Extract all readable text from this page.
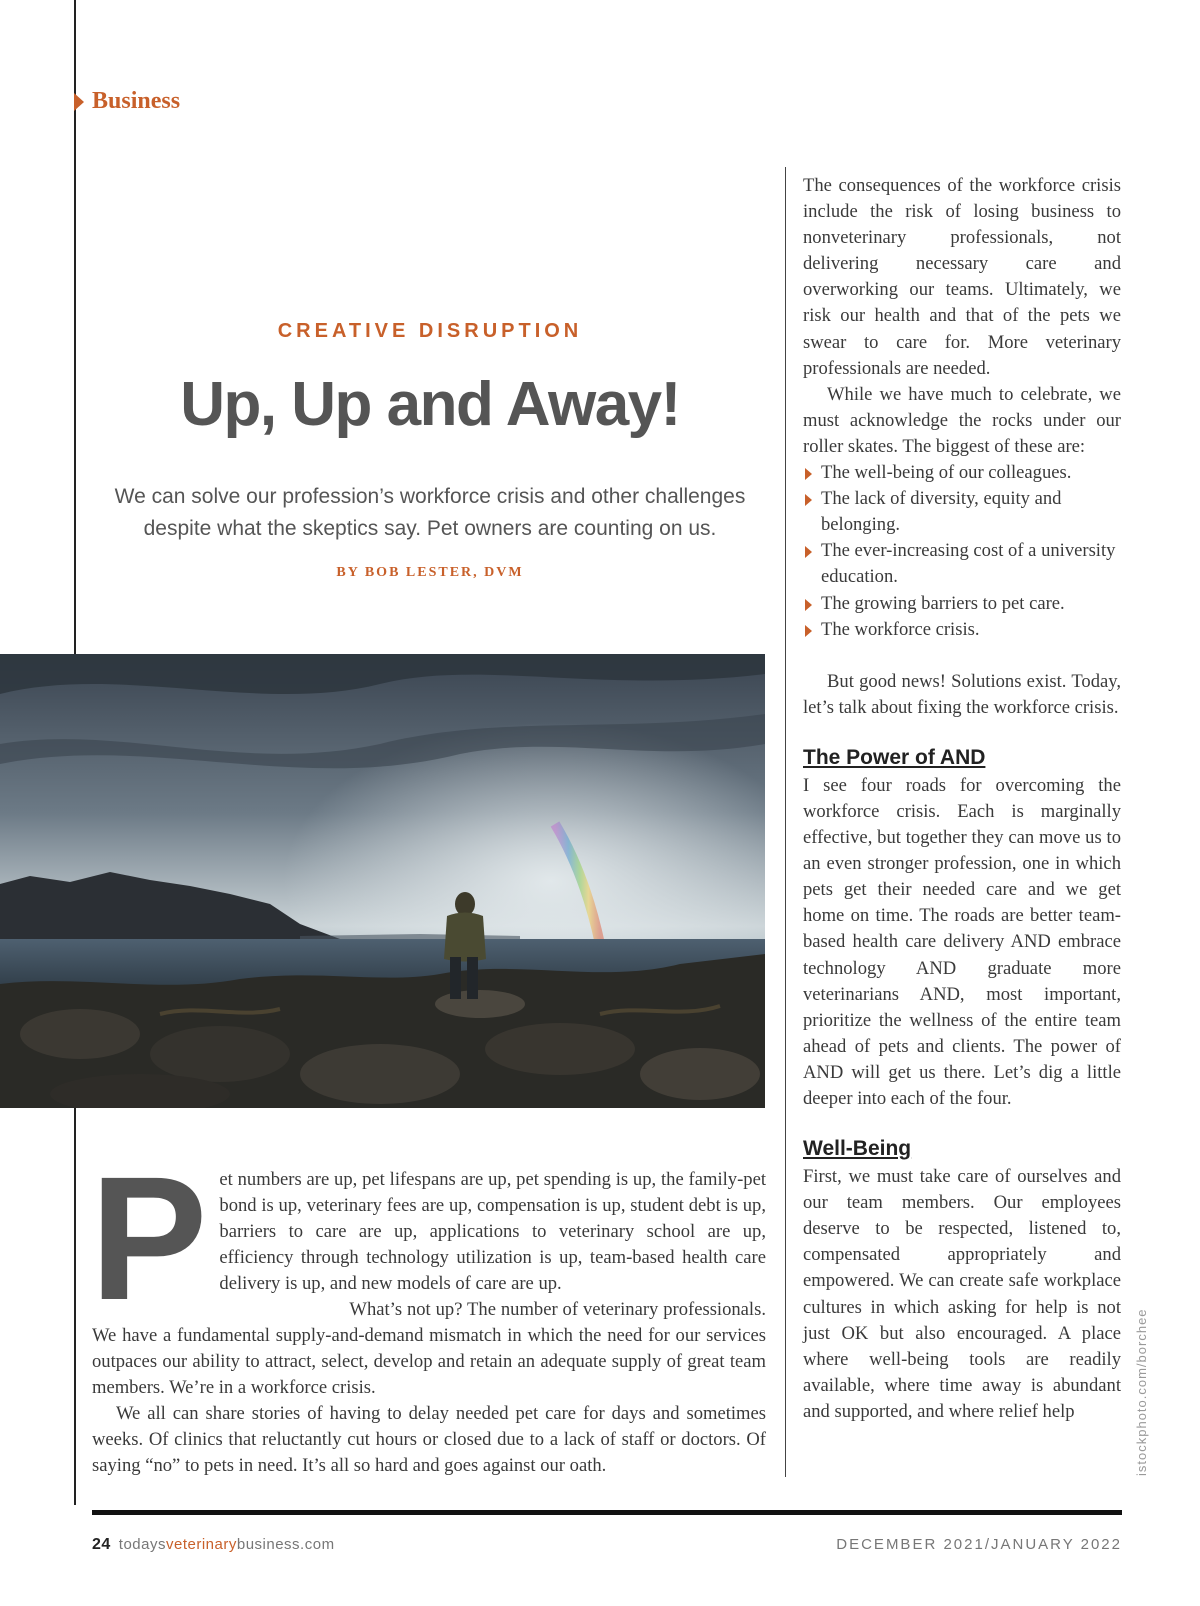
Business
CREATIVE DISRUPTION
Up, Up and Away!
We can solve our profession’s workforce crisis and other challenges despite what the skeptics say. Pet owners are counting on us.
BY BOB LESTER, DVM
P et numbers are up, pet lifespans are up, pet spending is up, the family-pet bond is up, veterinary fees are up, compensation is up, student debt is up, barriers to care are up, applications to veterinary school are up, efficiency through technology utilization is up, team-based health care delivery is up, and new models of care are up.

What’s not up? The number of veterinary professionals. We have a fundamental supply-and-demand mismatch in which the need for our services outpaces our ability to attract, select, develop and retain an adequate supply of great team members. We’re in a workforce crisis.

We all can share stories of having to delay needed pet care for days and sometimes weeks. Of clinics that reluctantly cut hours or closed due to a lack of staff or doctors. Of saying “no” to pets in need. It’s all so hard and goes against our oath.

The consequences of the workforce crisis include the risk of losing business to nonveterinary professionals, not delivering necessary care and overworking our teams. Ultimately, we risk our health and that of the pets we swear to care for. More veterinary professionals are needed.

While we have much to celebrate, we must acknowledge the rocks under our roller skates. The biggest of these are:

The well-being of our colleagues.
The lack of diversity, equity and belonging.
The ever-increasing cost of a university education.
The growing barriers to pet care.
The workforce crisis.

But good news! Solutions exist. Today, let’s talk about fixing the workforce crisis.

The Power of AND

I see four roads for overcoming the workforce crisis. Each is marginally effective, but together they can move us to an even stronger profession, one in which pets get their needed care and we get home on time. The roads are better team-based health care delivery AND embrace technology AND graduate more veterinarians AND, most important, prioritize the wellness of the entire team ahead of pets and clients. The power of AND will get us there. Let’s dig a little deeper into each of the four.

Well-Being

First, we must take care of ourselves and our team members. Our employees deserve to be respected, listened to, compensated appropriately and empowered. We can create safe workplace cultures in which asking for help is not just OK but also encouraged. A place where well-being tools are readily available, where time away is abundant and supported, and where relief help	istockphoto.com/borchee
24 todaysveterinarybusiness.com	DECEMBER 2021/JANUARY 2022
